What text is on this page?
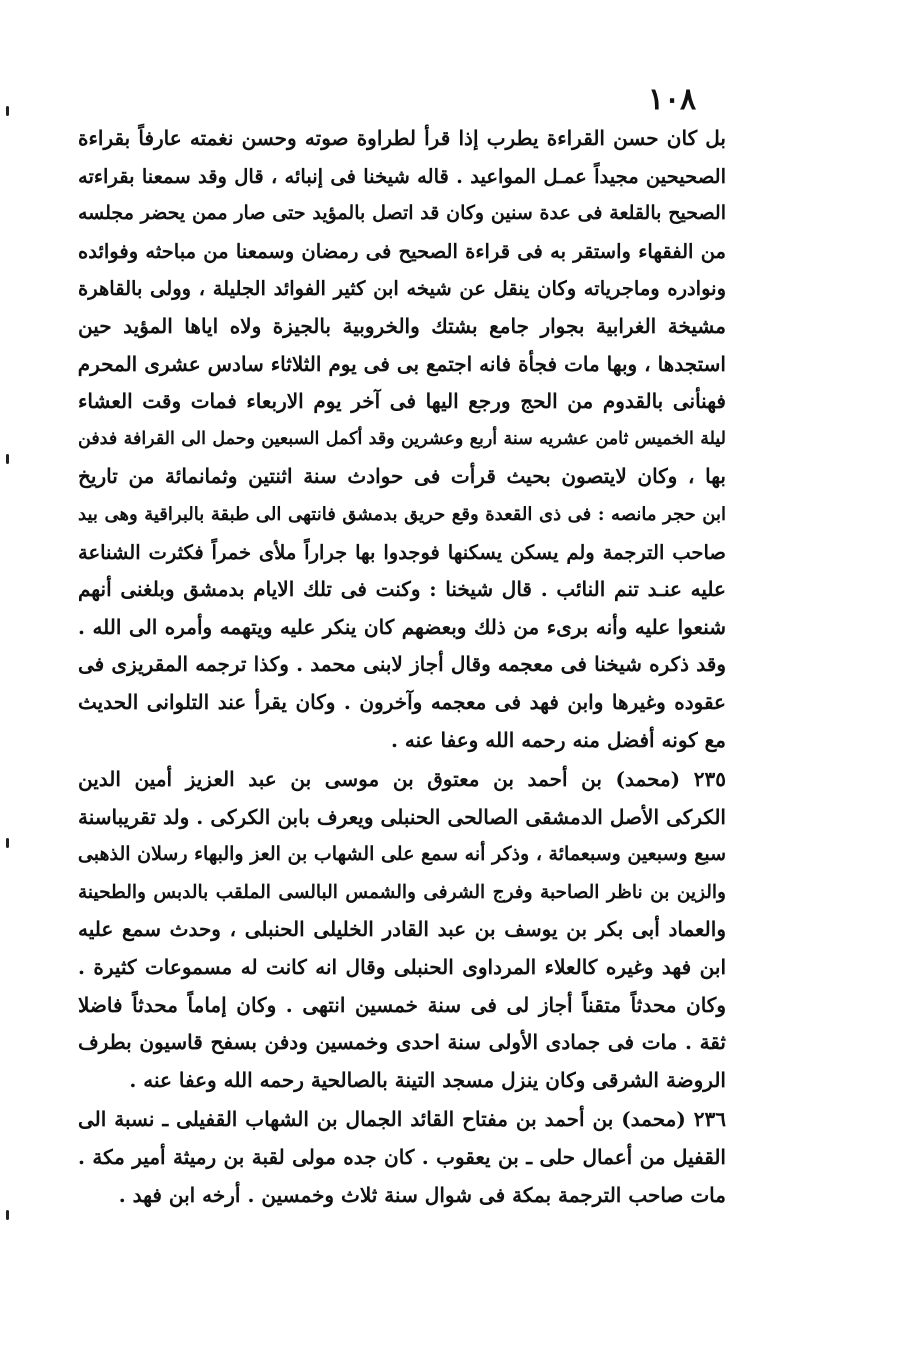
١٠٨
بل كان حسن القراءة يطرب إذا قرأ لطراوة صوته وحسن نغمته عارفاً بقراءة
الصحيحين مجيداً عمـل المواعيد . قاله شيخنا فى إنبائه ، قال وقد سمعنا بقراءته
الصحيح بالقلعة فى عدة سنين وكان قد اتصل بالمؤيد حتى صار ممن يحضر مجلسه
من الفقهاء واستقر به فى قراءة الصحيح فى رمضان وسمعنا من مباحثه وفوائده
ونوادره وماجرياته وكان ينقل عن شيخه ابن كثير الفوائد الجليلة ، وولى بالقاهرة
مشيخة الغرابية بجوار جامع بشتك والخروبية بالجيزة ولاه اياها المؤيد حين
استجدها ، وبها مات فجأة فانه اجتمع بى فى يوم الثلاثاء سادس عشرى المحرم
فهنأنى بالقدوم من الحج ورجع اليها فى آخر يوم الاربعاء فمات وقت العشاء
ليلة الخميس ثامن عشريه سنة أربع وعشرين وقد أكمل السبعين وحمل الى القرافة فدفن
بها ، وكان لايتصون بحيث قرأت فى حوادث سنة اثنتين وثمانمائة من تاريخ
ابن حجر مانصه : فى ذى القعدة وقع حريق بدمشق فانتهى الى طبقة بالبراقية وهى بيد
صاحب الترجمة ولم يسكن يسكنها فوجدوا بها جراراً ملأى خمراً فكثرت الشناعة
عليه عنـد تنم النائب . قال شيخنا : وكنت فى تلك الايام بدمشق وبلغنى أنهم
شنعوا عليه وأنه برىء من ذلك وبعضهم كان ينكر عليه ويتهمه وأمره الى الله .
وقد ذكره شيخنا فى معجمه وقال أجاز لابنى محمد . وكذا ترجمه المقريزى فى
عقوده وغيرها وابن فهد فى معجمه وآخرون . وكان يقرأ عند التلوانى الحديث
مع كونه أفضل منه رحمه الله وعفا عنه .
٢٣٥ (محمد) بن أحمد بن معتوق بن موسى بن عبد العزيز أمين الدين
الكركى الأصل الدمشقى الصالحى الحنبلى ويعرف بابن الكركى . ولد تقريباسنة
سبع وسبعين وسبعمائة ، وذكر أنه سمع على الشهاب بن العز والبهاء رسلان الذهبى
والزين بن ناظر الصاحبة وفرج الشرفى والشمس البالسى الملقب بالدبس والطحينة
والعماد أبى بكر بن يوسف بن عبد القادر الخليلى الحنبلى ، وحدث سمع عليه
ابن فهد وغيره كالعلاء المرداوى الحنبلى وقال انه كانت له مسموعات كثيرة .
وكان محدثاً متقناً أجاز لى فى سنة خمسين انتهى . وكان إماماً محدثاً فاضلا
ثقة . مات فى جمادى الأولى سنة احدى وخمسين ودفن بسفح قاسيون بطرف
الروضة الشرقى وكان ينزل مسجد التينة بالصالحية رحمه الله وعفا عنه .
٢٣٦ (محمد) بن أحمد بن مفتاح القائد الجمال بن الشهاب القفيلى ـ نسبة الى
القفيل من أعمال حلى ـ بن يعقوب . كان جده مولى لقبة بن رميثة أمير مكة .
مات صاحب الترجمة بمكة فى شوال سنة ثلاث وخمسين . أرخه ابن فهد .
